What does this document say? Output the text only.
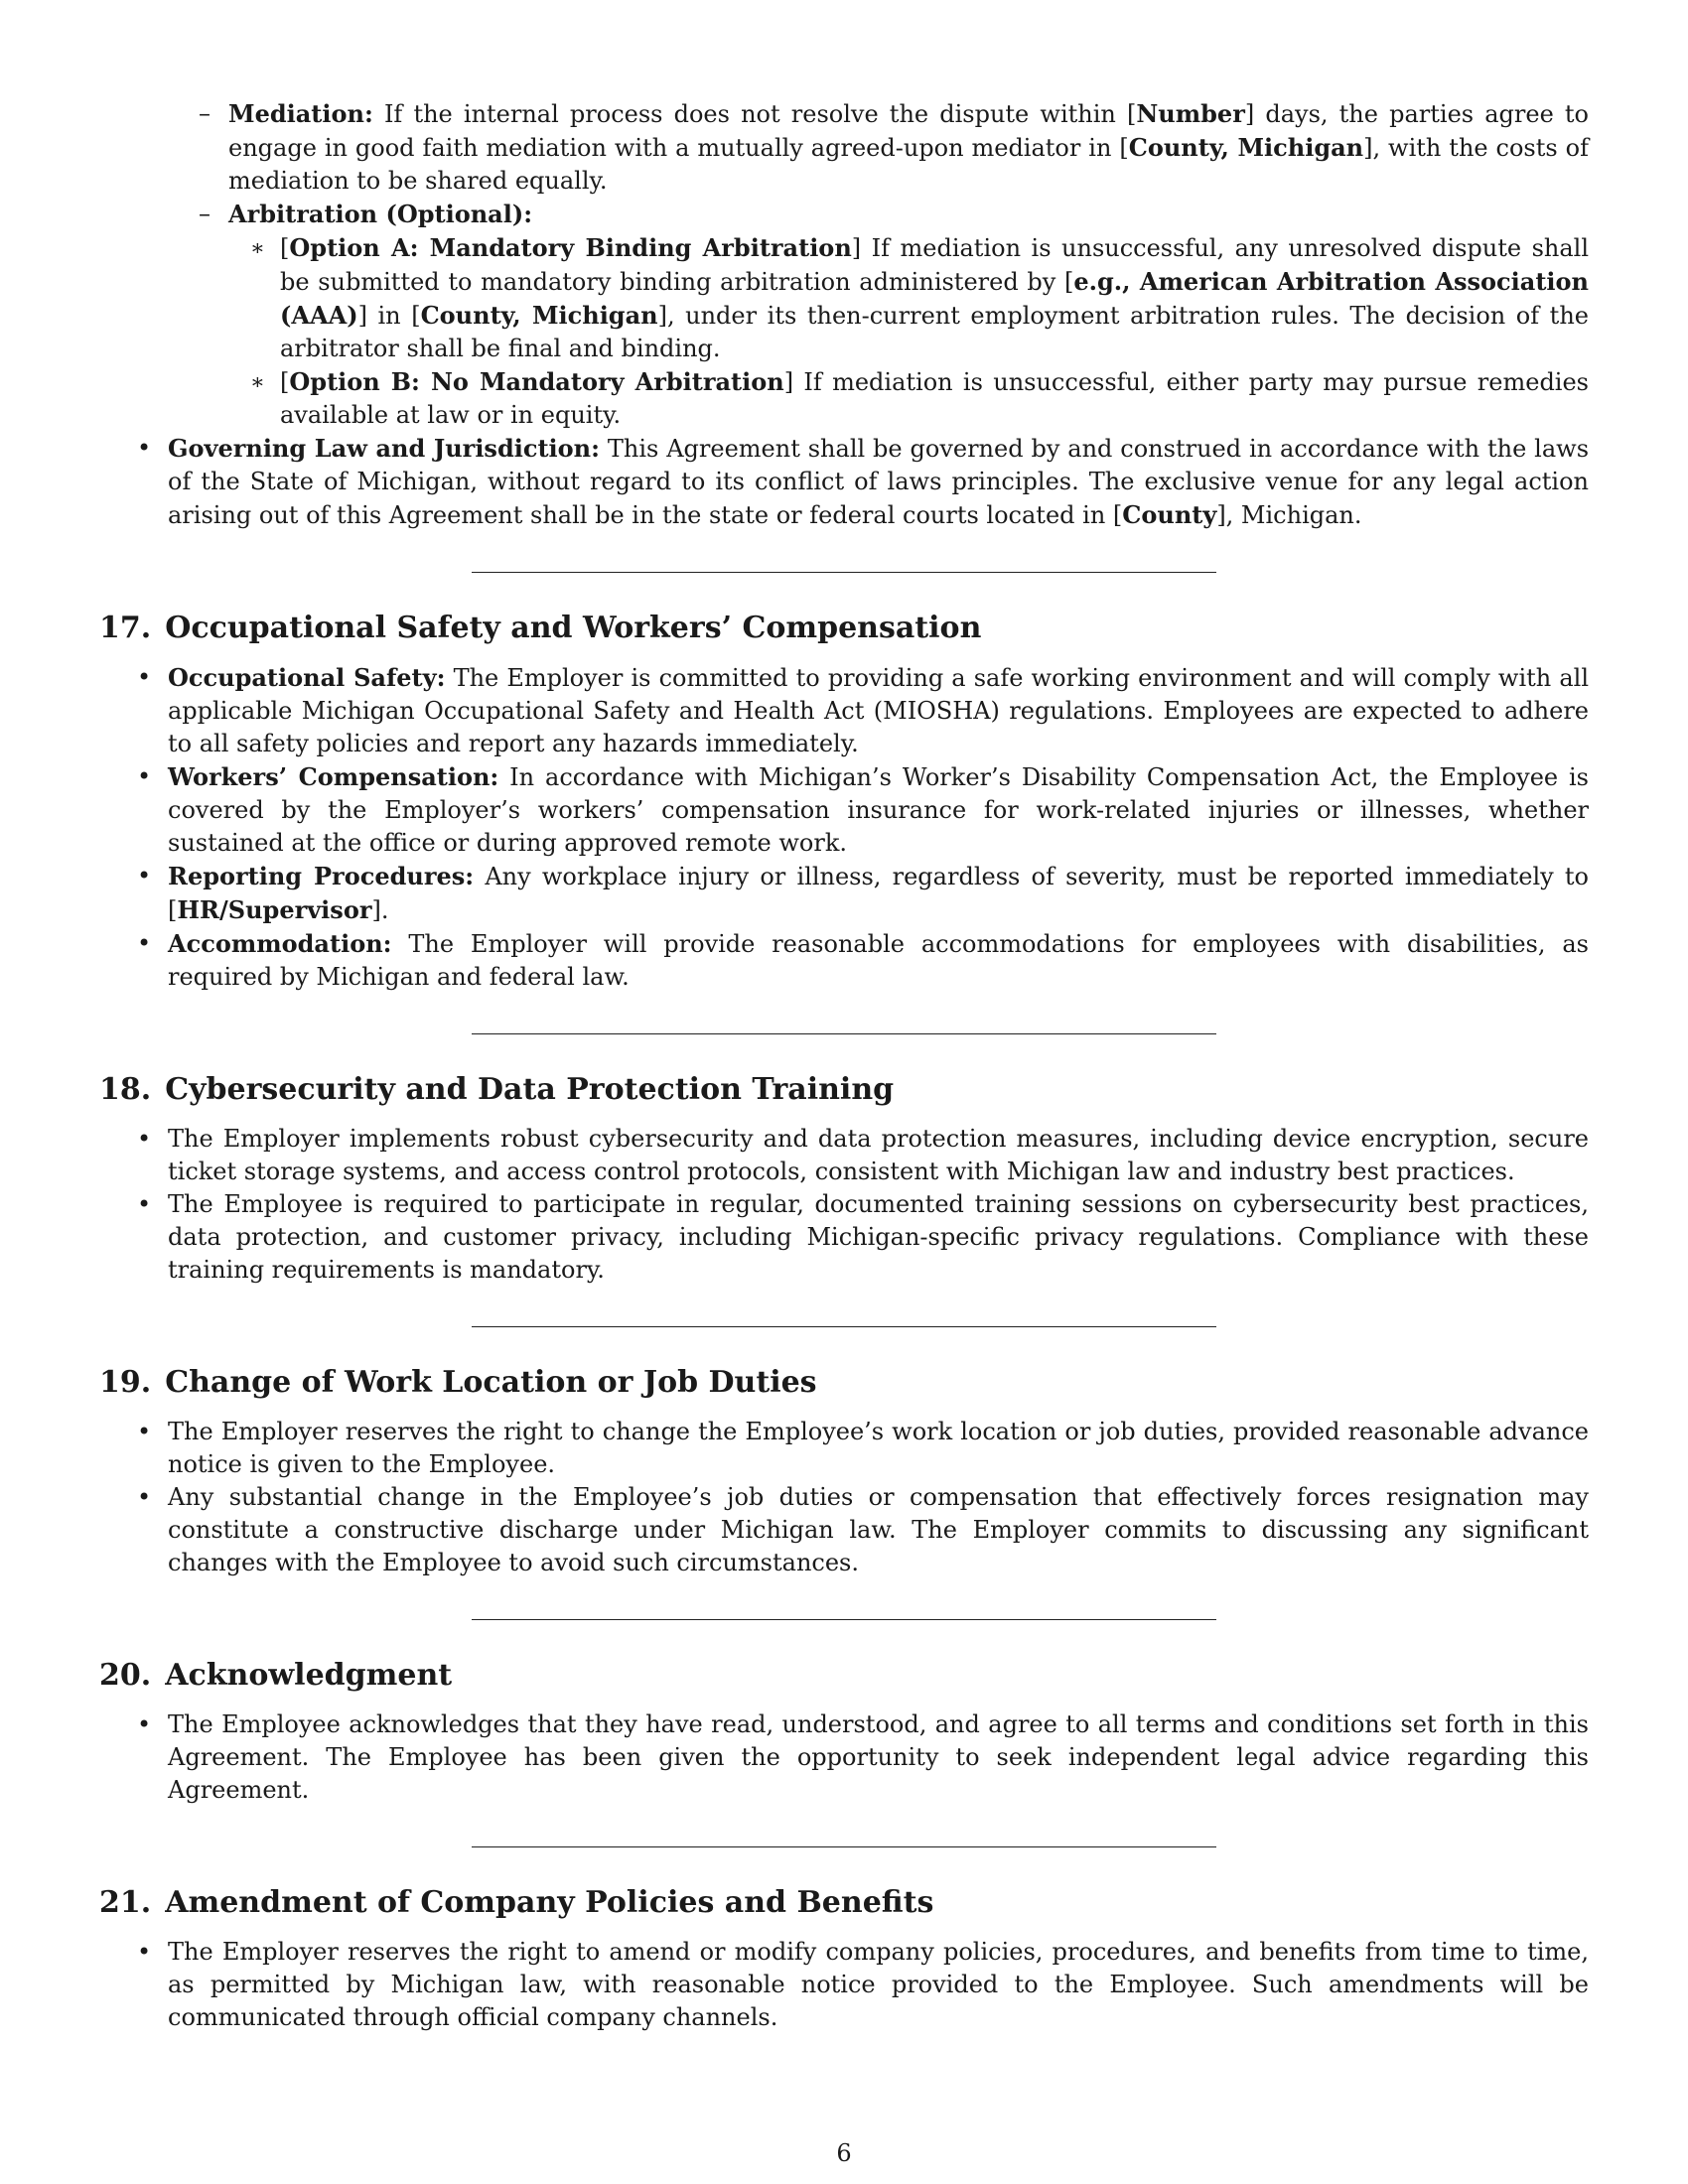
– Mediation: If the internal process does not resolve the dispute within [Number] days, the parties agree to engage in good faith mediation with a mutually agreed-upon mediator in [County, Michigan], with the costs of mediation to be shared equally.
– Arbitration (Optional):
∗ [Option A: Mandatory Binding Arbitration] If mediation is unsuccessful, any unresolved dispute shall be submitted to mandatory binding arbitration administered by [e.g., American Arbitration Association (AAA)] in [County, Michigan], under its then-current employment arbitration rules. The decision of the arbitrator shall be final and binding.
∗ [Option B: No Mandatory Arbitration] If mediation is unsuccessful, either party may pursue remedies available at law or in equity.
• Governing Law and Jurisdiction: This Agreement shall be governed by and construed in accordance with the laws of the State of Michigan, without regard to its conflict of laws principles. The exclusive venue for any legal action arising out of this Agreement shall be in the state or federal courts located in [County], Michigan.
17. Occupational Safety and Workers’ Compensation
• Occupational Safety: The Employer is committed to providing a safe working environment and will comply with all applicable Michigan Occupational Safety and Health Act (MIOSHA) regulations. Employees are expected to adhere to all safety policies and report any hazards immediately.
• Workers’ Compensation: In accordance with Michigan’s Worker’s Disability Compensation Act, the Employee is covered by the Employer’s workers’ compensation insurance for work-related injuries or illnesses, whether sustained at the office or during approved remote work.
• Reporting Procedures: Any workplace injury or illness, regardless of severity, must be reported immediately to [HR/Supervisor].
• Accommodation: The Employer will provide reasonable accommodations for employees with disabilities, as required by Michigan and federal law.
18. Cybersecurity and Data Protection Training
• The Employer implements robust cybersecurity and data protection measures, including device encryption, secure ticket storage systems, and access control protocols, consistent with Michigan law and industry best practices.
• The Employee is required to participate in regular, documented training sessions on cybersecurity best practices, data protection, and customer privacy, including Michigan-specific privacy regulations. Compliance with these training requirements is mandatory.
19. Change of Work Location or Job Duties
• The Employer reserves the right to change the Employee’s work location or job duties, provided reasonable advance notice is given to the Employee.
• Any substantial change in the Employee’s job duties or compensation that effectively forces resignation may constitute a constructive discharge under Michigan law. The Employer commits to discussing any significant changes with the Employee to avoid such circumstances.
20. Acknowledgment
• The Employee acknowledges that they have read, understood, and agree to all terms and conditions set forth in this Agreement. The Employee has been given the opportunity to seek independent legal advice regarding this Agreement.
21. Amendment of Company Policies and Benefits
• The Employer reserves the right to amend or modify company policies, procedures, and benefits from time to time, as permitted by Michigan law, with reasonable notice provided to the Employee. Such amendments will be communicated through official company channels.
6
